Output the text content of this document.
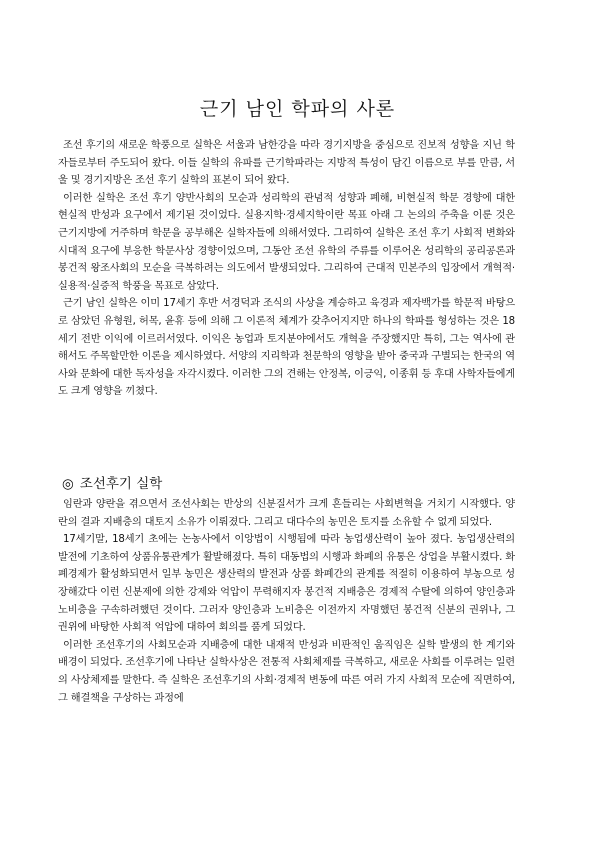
근기 남인 학파의 사론

조선 후기의 새로운 학풍으로 실학은 서울과 남한강을 따라 경기지방을 중심으로 진보적 성향을 지닌 학자들로부터 주도되어 왔다. 이들 실학의 유파를 근기학파라는 지방적 특성이 담긴 이름으로 부를 만큼, 서울 및 경기지방은 조선 후기 실학의 표본이 되어 왔다.

이러한 실학은 조선 후기 양반사회의 모순과 성리학의 관념적 성향과 폐해, 비현실적 학문 경향에 대한 현실적 반성과 요구에서 제기된 것이었다. 실용지학·경세지학이란 목표 아래 그 논의의 주축을 이룬 것은 근기지방에 거주하며 학문을 공부해온 실학자들에 의해서였다. 그리하여 실학은 조선 후기 사회적 변화와 시대적 요구에 부응한 학문사상 경향이었으며, 그동안 조선 유학의 주류를 이루어온 성리학의 공리공론과 봉건적 왕조사회의 모순을 극복하려는 의도에서 발생되었다. 그리하여 근대적 민본주의 입장에서 개혁적·실용적·실증적 학풍을 목표로 삼았다.

근기 남인 실학은 이미 17세기 후반 서경덕과 조식의 사상을 계승하고 육경과 제자백가를 학문적 바탕으로 삼았던 유형원, 허목, 윤휴 등에 의해 그 이론적 체계가 갖추어지지만 하나의 학파를 형성하는 것은 18세기 전반 이익에 이르러서였다. 이익은 농업과 토지분야에서도 개혁을 주장했지만 특히, 그는 역사에 관해서도 주목할만한 이론을 제시하였다. 서양의 지리학과 천문학의 영향을 받아 중국과 구별되는 한국의 역사와 문화에 대한 독자성을 자각시켰다. 이러한 그의 견해는 안정복, 이긍익, 이종휘 등 후대 사학자들에게도 크게 영향을 끼쳤다.

◎ 조선후기 실학

임란과 양란을 겪으면서 조선사회는 반상의 신분질서가 크게 흔들리는 사회변혁을 거치기 시작했다. 양란의 결과 지배층의 대토지 소유가 이뤄졌다. 그리고 대다수의 농민은 토지를 소유할 수 없게 되었다.

17세기말, 18세기 초에는 논농사에서 이앙법이 시행됨에 따라 농업생산력이 높아 졌다. 농업생산력의 발전에 기초하여 상품유통관계가 활발해졌다. 특히 대동법의 시행과 화폐의 유통은 상업을 부활시켰다. 화폐경제가 활성화되면서 일부 농민은 생산력의 발전과 상품 화폐간의 관계를 적절히 이용하여 부농으로 성장해갔다 이런 신분제에 의한 강제와 억압이 무력해지자 봉건적 지배층은 경제적 수탈에 의하여 양인층과 노비층을 구속하려했던 것이다. 그러자 양인층과 노비층은 이전까지 자명했던 봉건적 신분의 권위나, 그 권위에 바탕한 사회적 억압에 대하여 회의를 품게 되었다.

이러한 조선후기의 사회모순과 지배층에 대한 내재적 반성과 비판적인 움직임은 실학 발생의 한 계기와 배경이 되었다. 조선후기에 나타난 실학사상은 전통적 사회체제를 극복하고, 새로운 사회를 이루려는 일련의 사상체제를 말한다. 즉 실학은 조선후기의 사회·경제적 변동에 따른 여러 가지 사회적 모순에 직면하여, 그 해결책을 구상하는 과정에
